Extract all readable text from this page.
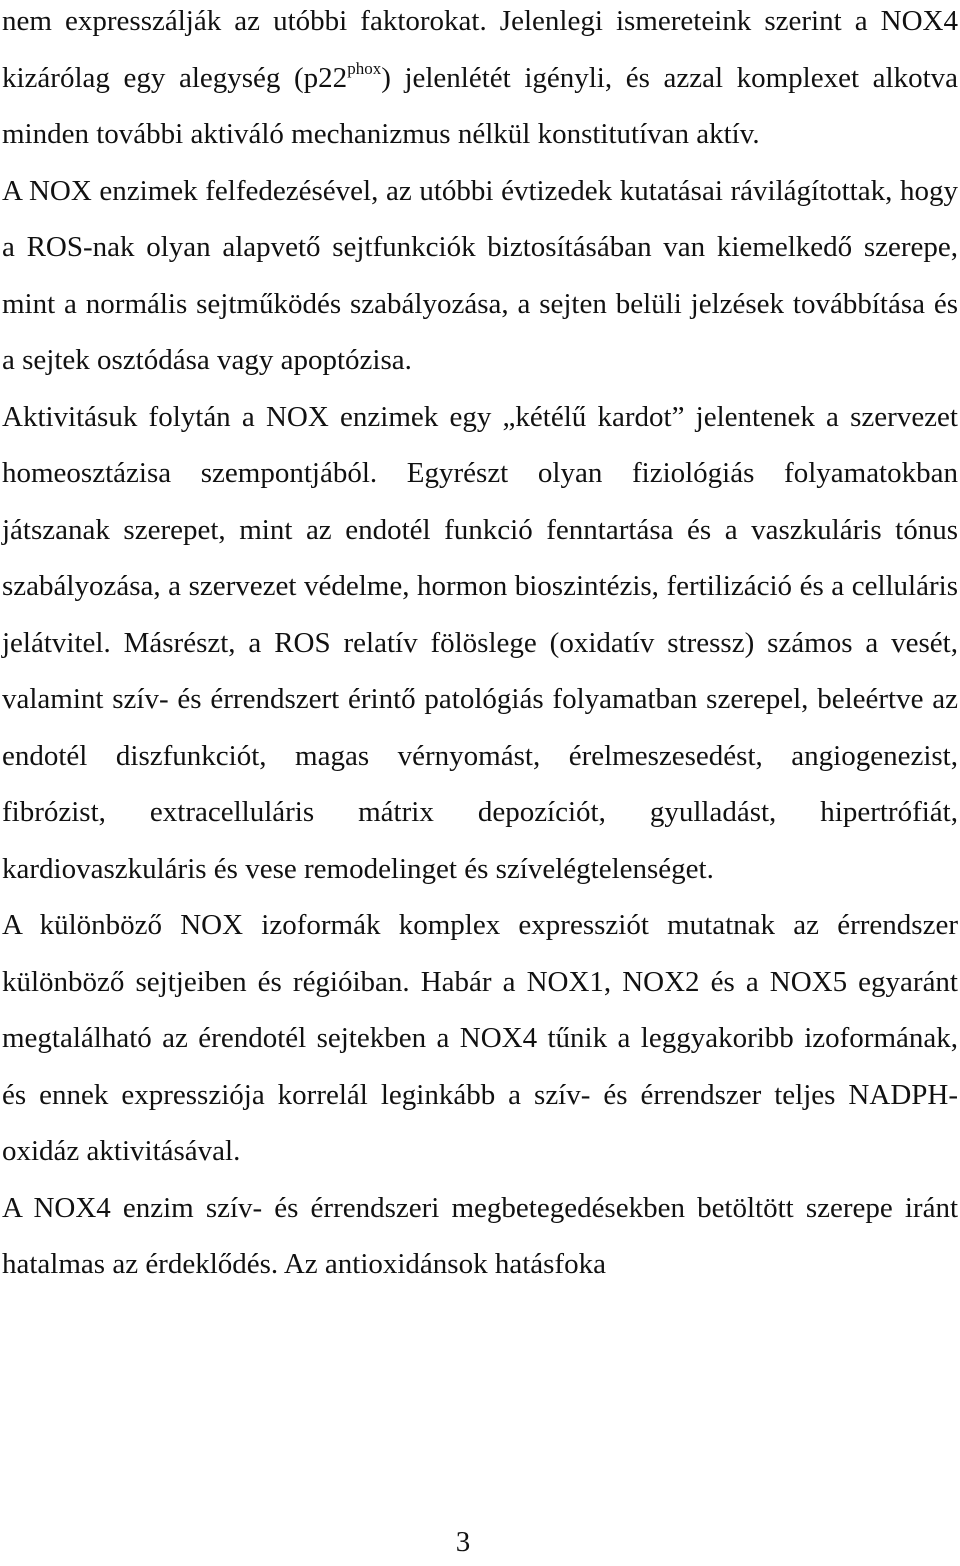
nem expresszálják az utóbbi faktorokat. Jelenlegi ismereteink szerint a NOX4 kizárólag egy alegység $(p22^{phox})$ jelenlétét igényli, és azzal komplexet alkotva minden további aktiváló mechanizmus nélkül konstitutívan aktív.

A NOX enzimek felfedezésével, az utóbbi évtizedek kutatásai rávilágítottak, hogy a ROS-nak olyan alapvető sejtfunkciók biztosításában van kiemelkedő szerepe, mint a normális sejtműködés szabályozása, a sejten belüli jelzések továbbítása és a sejtek osztódása vagy apoptózisa.

Aktivitásuk folytán a NOX enzimek egy „kétélű kardot” jelentenek a szervezet homeosztázisa szempontjából. Egyrészt olyan fiziológiás folyamatokban játszanak szerepet, mint az endotél funkció fenntartása és a vaszkuláris tónus szabályozása, a szervezet védelme, hormon bioszintézis, fertilizáció és a celluláris jelátvitel. Másrészt, a ROS relatív fölöslege (oxidatív stressz) számos a vesét, valamint szív- és érrendszert érintő patológiás folyamatban szerepel, beleértve az endotél diszfunkciót, magas vérnyomást, érelmeszesedést, angiogenezist, fibrózist, extracelluláris mátrix depozíciót, gyulladást, hipertrófiát, kardiovaszkuláris és vese remodelinget és szívelégtelenséget.

A különböző NOX izoformák komplex expressziót mutatnak az érrendszer különböző sejtjeiben és régióiban. Habár a NOX1, NOX2 és a NOX5 egyaránt megtalálható az érendotél sejtekben a NOX4 tűnik a leggyakoribb izoformának, és ennek expressziója korrelál leginkább a szív- és érrendszer teljes NADPH-oxidáz aktivitásával.

A NOX4 enzim szív- és érrendszeri megbetegedésekben betöltött szerepe iránt hatalmas az érdeklődés. Az antioxidánsok hatásfoka

3
